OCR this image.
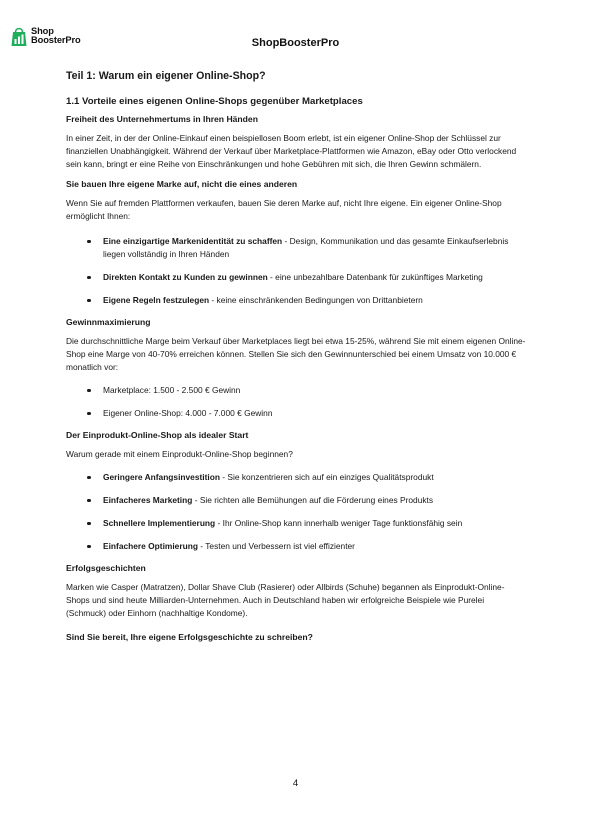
Shop
BoosterPro	ShopBoosterPro
Teil 1: Warum ein eigener Online-Shop?
1.1 Vorteile eines eigenen Online-Shops gegenüber Marketplaces
Freiheit des Unternehmertums in Ihren Händen

In einer Zeit, in der der Online-Einkauf einen beispiellosen Boom erlebt, ist ein eigener Online-Shop der Schlüssel zur finanziellen Unabhängigkeit. Während der Verkauf über Marketplace-Plattformen wie Amazon, eBay oder Otto verlockend sein kann, bringt er eine Reihe von Einschränkungen und hohe Gebühren mit sich, die Ihren Gewinn schmälern.

Sie bauen Ihre eigene Marke auf, nicht die eines anderen

Wenn Sie auf fremden Plattformen verkaufen, bauen Sie deren Marke auf, nicht Ihre eigene. Ein eigener Online-Shop ermöglicht Ihnen:

Eine einzigartige Markenidentität zu schaffen - Design, Kommunikation und das gesamte Einkaufserlebnis liegen vollständig in Ihren Händen
Direkten Kontakt zu Kunden zu gewinnen - eine unbezahlbare Datenbank für zukünftiges Marketing
Eigene Regeln festzulegen - keine einschränkenden Bedingungen von Drittanbietern
Gewinnmaximierung

Die durchschnittliche Marge beim Verkauf über Marketplaces liegt bei etwa 15-25%, während Sie mit einem eigenen Online-Shop eine Marge von 40-70% erreichen können. Stellen Sie sich den Gewinnunterschied bei einem Umsatz von 10.000 € monatlich vor:

Marketplace: 1.500 - 2.500 € Gewinn
Eigener Online-Shop: 4.000 - 7.000 € Gewinn
Der Einprodukt-Online-Shop als idealer Start

Warum gerade mit einem Einprodukt-Online-Shop beginnen?

Geringere Anfangsinvestition - Sie konzentrieren sich auf ein einziges Qualitätsprodukt
Einfacheres Marketing - Sie richten alle Bemühungen auf die Förderung eines Produkts
Schnellere Implementierung - Ihr Online-Shop kann innerhalb weniger Tage funktionsfähig sein
Einfachere Optimierung - Testen und Verbessern ist viel effizienter
Erfolgsgeschichten

Marken wie Casper (Matratzen), Dollar Shave Club (Rasierer) oder Allbirds (Schuhe) begannen als Einprodukt-Online-Shops und sind heute Milliarden-Unternehmen. Auch in Deutschland haben wir erfolgreiche Beispiele wie Purelei (Schmuck) oder Einhorn (nachhaltige Kondome).

Sind Sie bereit, Ihre eigene Erfolgsgeschichte zu schreiben?
4
